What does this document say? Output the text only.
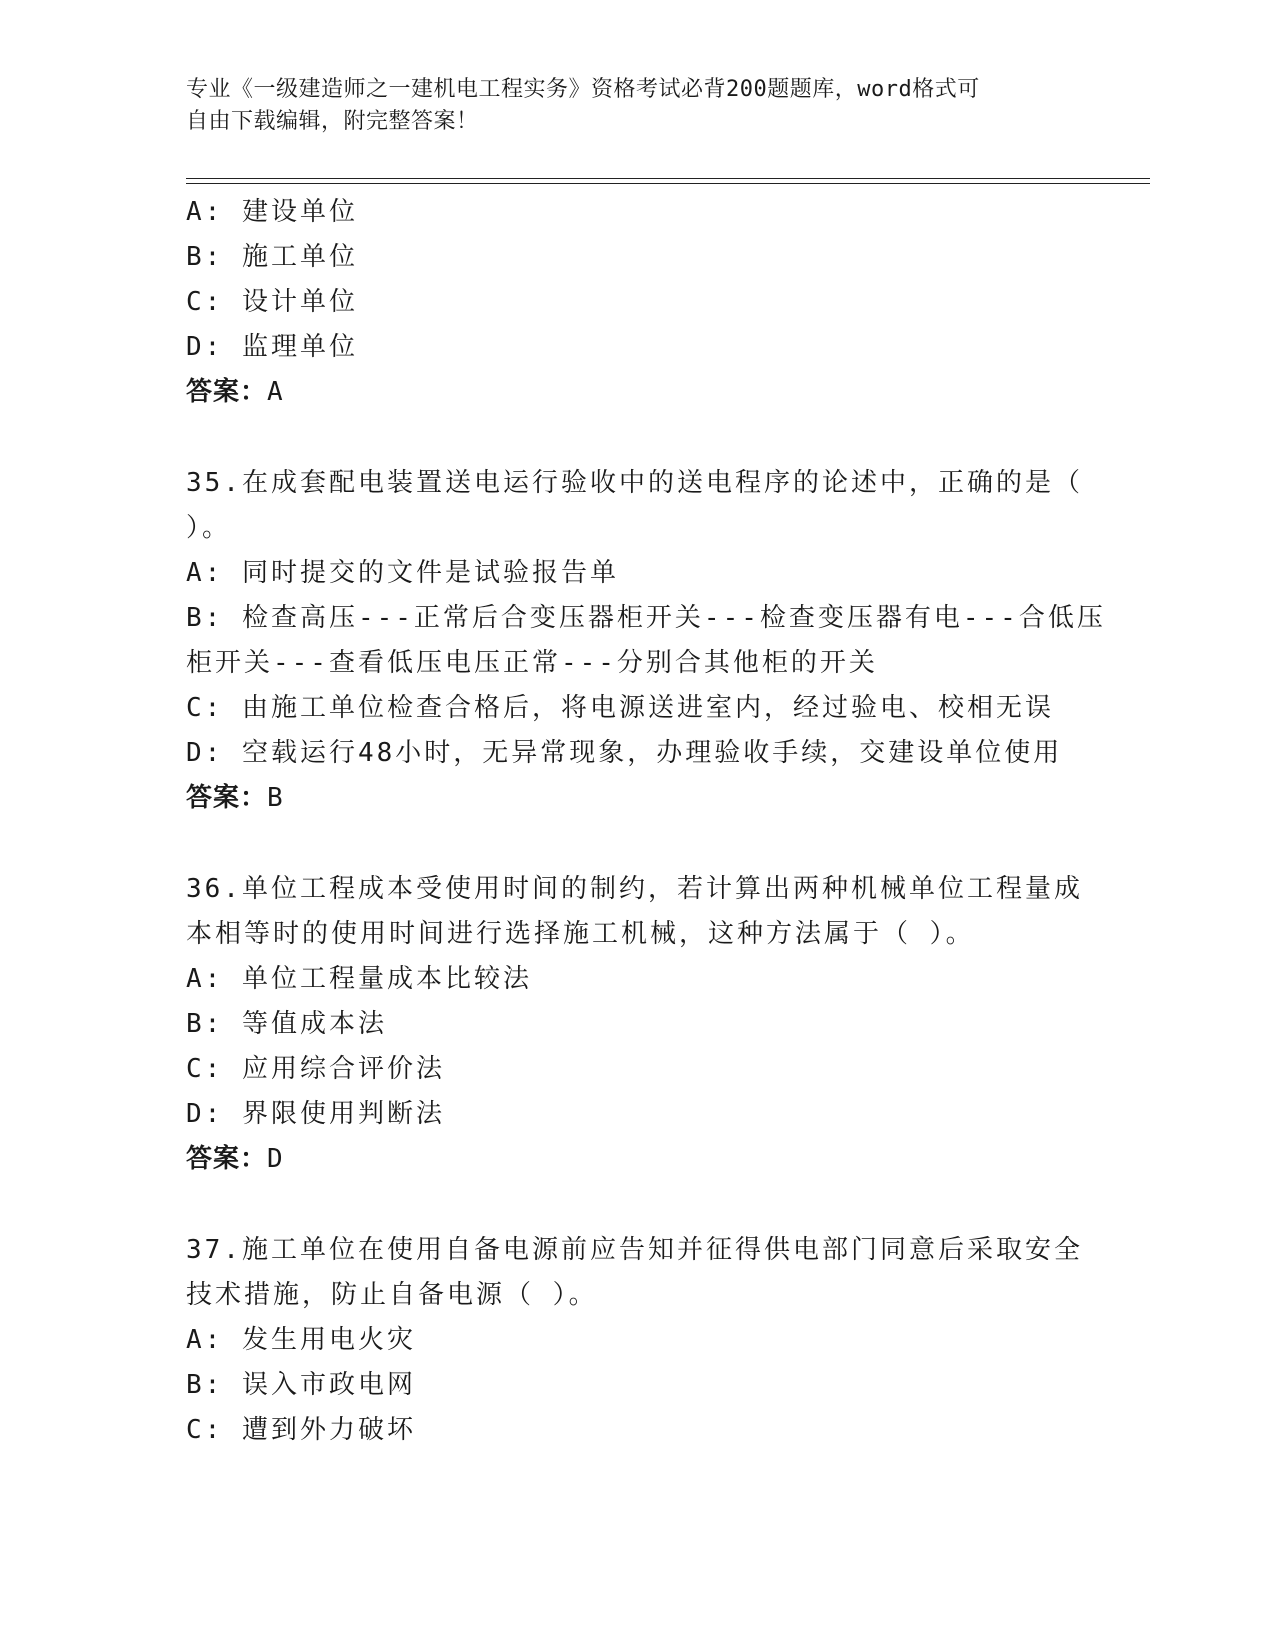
专业《一级建造师之一建机电工程实务》资格考试必背200题题库，word格式可
自由下载编辑，附完整答案！
A: 建设单位
B: 施工单位
C: 设计单位
D: 监理单位
答案：A
35.在成套配电装置送电运行验收中的送电程序的论述中，正确的是（
）。
A: 同时提交的文件是试验报告单
B: 检查高压---正常后合变压器柜开关---检查变压器有电---合低压
柜开关---查看低压电压正常---分别合其他柜的开关
C: 由施工单位检查合格后，将电源送进室内，经过验电、校相无误
D: 空载运行48小时，无异常现象，办理验收手续，交建设单位使用
答案：B
36.单位工程成本受使用时间的制约，若计算出两种机械单位工程量成
本相等时的使用时间进行选择施工机械，这种方法属于（ ）。
A: 单位工程量成本比较法
B: 等值成本法
C: 应用综合评价法
D: 界限使用判断法
答案：D
37.施工单位在使用自备电源前应告知并征得供电部门同意后采取安全
技术措施，防止自备电源（ ）。
A: 发生用电火灾
B: 误入市政电网
C: 遭到外力破坏
